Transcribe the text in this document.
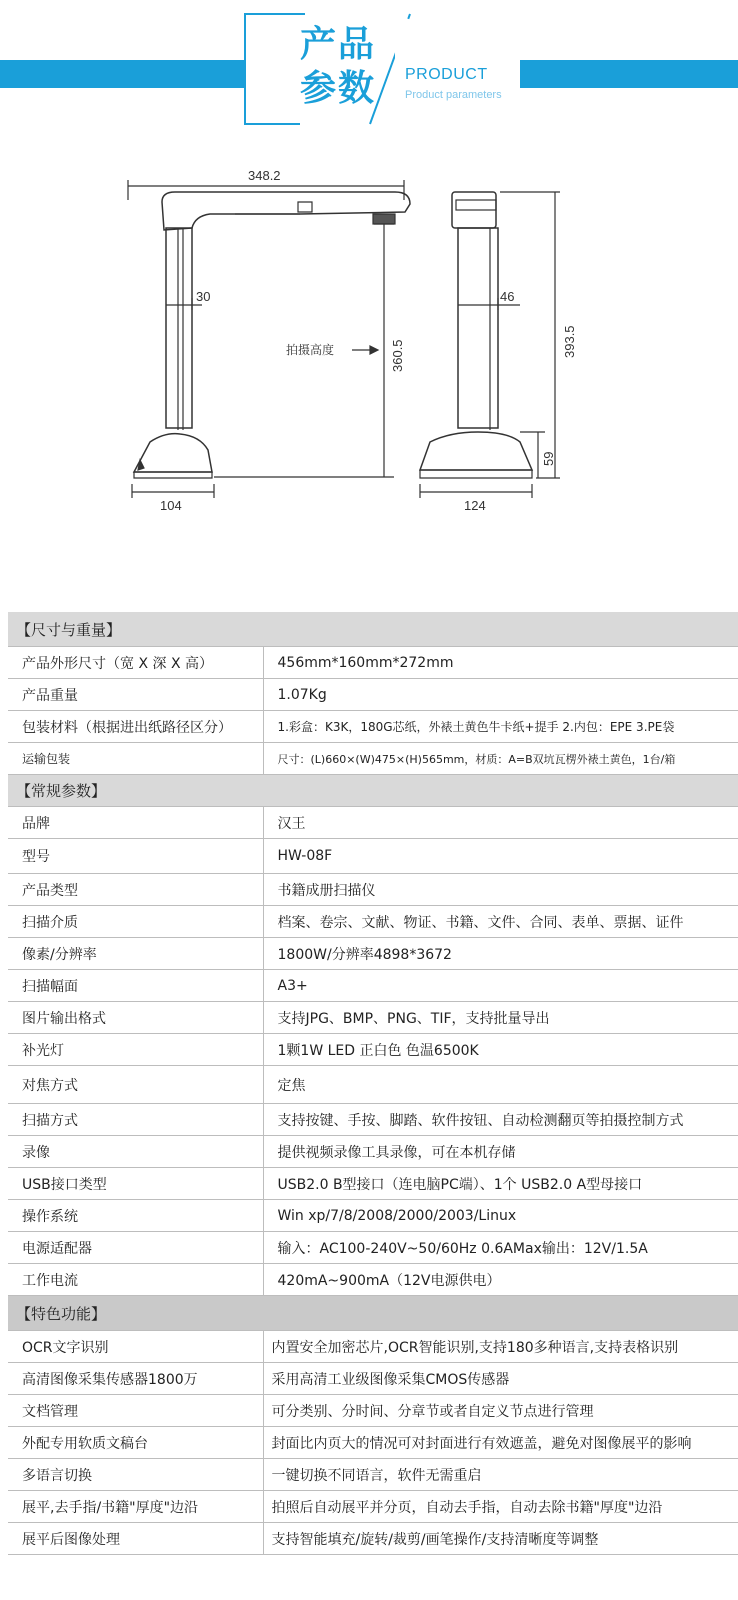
产品
参数 PRODUCT
Product parameters
348.2
30
拍摄高度	360.5
104
46
393.5
59
124
【尺寸与重量】	
产品外形尺寸（宽 X 深 X 高）	456mm*160mm*272mm
产品重量	1.07Kg
包装材料（根据进出纸路径区分）	1.彩盒：K3K，180G芯纸，外裱土黄色牛卡纸+提手 2.内包：EPE 3.PE袋
运输包装	尺寸：(L)660×(W)475×(H)565mm，材质：A=B双坑瓦楞外裱土黄色，1台/箱
【常规参数】	
品牌	汉王
型号	HW-08F
产品类型	书籍成册扫描仪
扫描介质	档案、卷宗、文献、物证、书籍、文件、合同、表单、票据、证件
像素/分辨率	1800W/分辨率4898*3672
扫描幅面	A3+
图片输出格式	支持JPG、BMP、PNG、TIF，支持批量导出
补光灯	1颗1W LED 正白色 色温6500K
对焦方式	定焦
扫描方式	支持按键、手按、脚踏、软件按钮、自动检测翻页等拍摄控制方式
录像	提供视频录像工具录像，可在本机存储
USB接口类型	USB2.0 B型接口（连电脑PC端）、1个 USB2.0 A型母接口
操作系统	Win xp/7/8/2008/2000/2003/Linux
电源适配器	输入：AC100-240V~50/60Hz 0.6AMax输出：12V/1.5A
工作电流	420mA~900mA（12V电源供电）
【特色功能】	
OCR文字识别	内置安全加密芯片,OCR智能识别,支持180多种语言,支持表格识别
高清图像采集传感器1800万	采用高清工业级图像采集CMOS传感器
文档管理	可分类别、分时间、分章节或者自定义节点进行管理
外配专用软质文稿台	封面比内页大的情况可对封面进行有效遮盖，避免对图像展平的影响
多语言切换	一键切换不同语言，软件无需重启
展平,去手指/书籍"厚度"边沿	拍照后自动展平并分页，自动去手指，自动去除书籍"厚度"边沿
展平后图像处理	支持智能填充/旋转/裁剪/画笔操作/支持清晰度等调整
